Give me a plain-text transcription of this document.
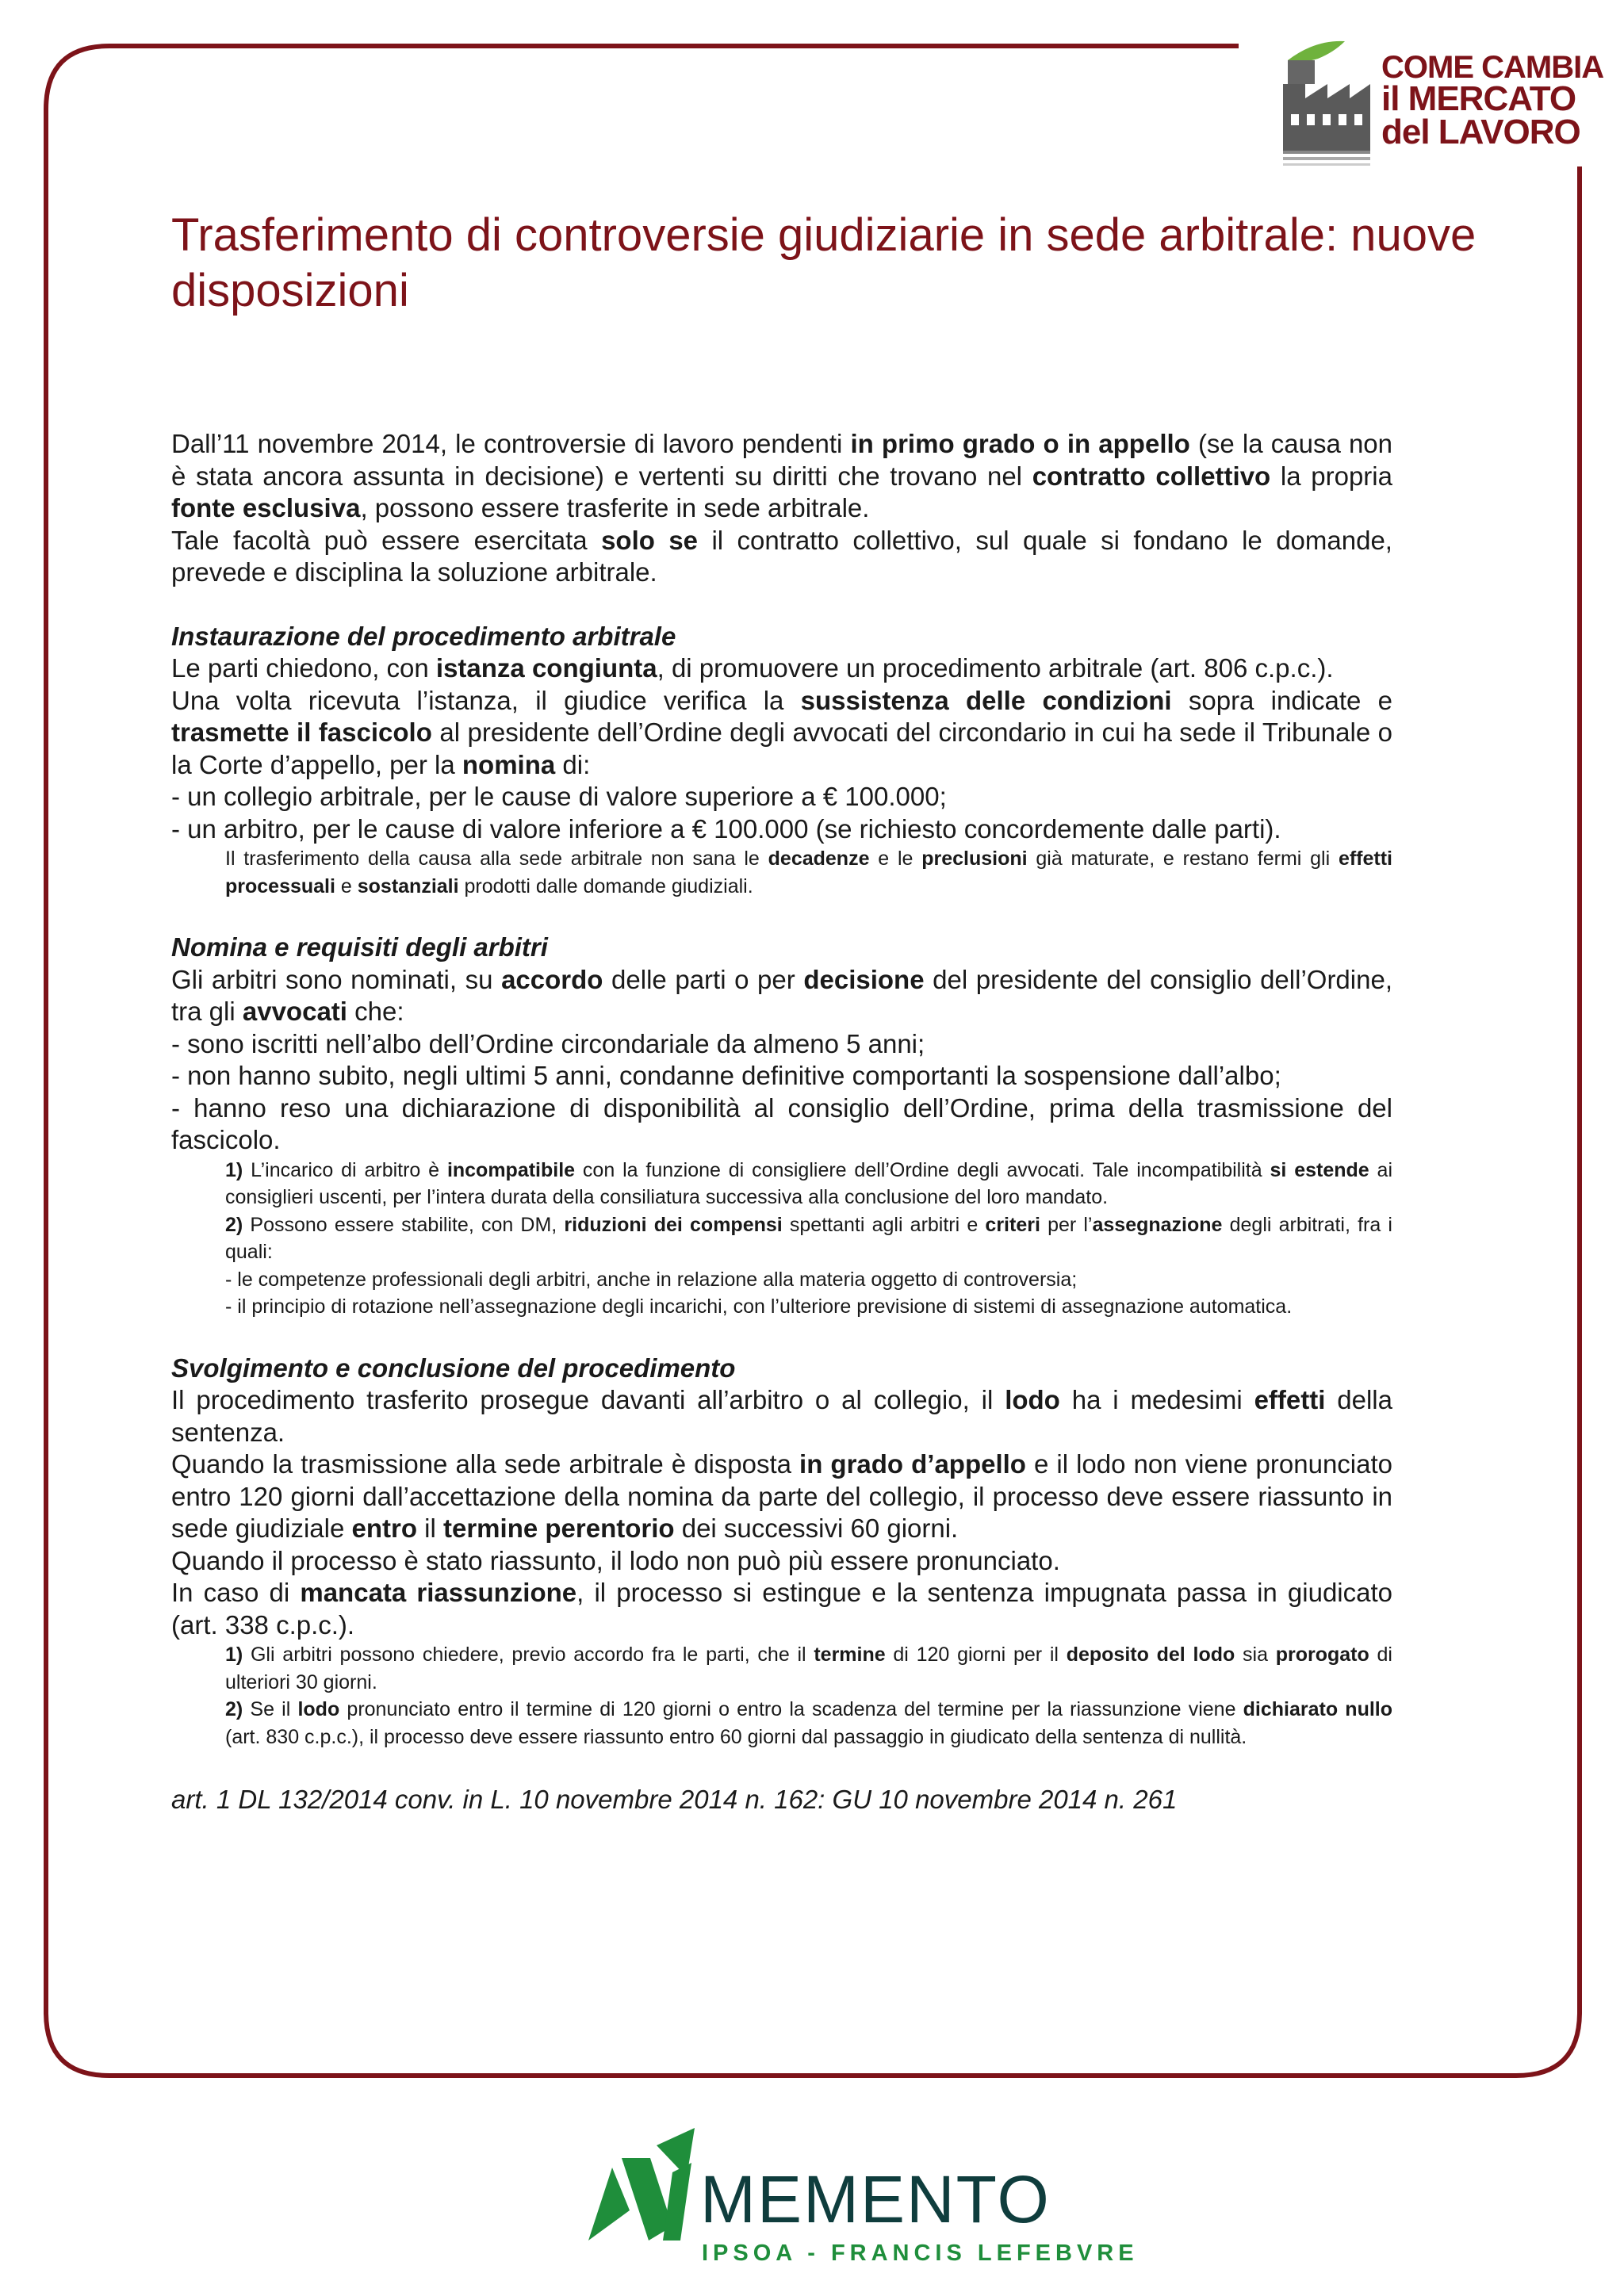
COME CAMBIA
il MERCATO
del LAVORO
Trasferimento di controversie giudiziarie in sede arbitrale: nuove disposizioni

Dall’11 novembre 2014, le controversie di lavoro pendenti in primo grado o in appello (se la causa non è stata ancora assunta in decisione) e vertenti su diritti che trovano nel contratto collettivo la propria fonte esclusiva, possono essere trasferite in sede arbitrale.

Tale facoltà può essere esercitata solo se il contratto collettivo, sul quale si fondano le domande, prevede e disciplina la soluzione arbitrale.

Instaurazione del procedimento arbitrale

Le parti chiedono, con istanza congiunta, di promuovere un procedimento arbitrale (art. 806 c.p.c.).

Una volta ricevuta l’istanza, il giudice verifica la sussistenza delle condizioni sopra indicate e trasmette il fascicolo al presidente dell’Ordine degli avvocati del circondario in cui ha sede il Tribunale o la Corte d’appello, per la nomina di:

- un collegio arbitrale, per le cause di valore superiore a € 100.000;

- un arbitro, per le cause di valore inferiore a € 100.000 (se richiesto concordemente dalle parti).

Il trasferimento della causa alla sede arbitrale non sana le decadenze e le preclusioni già maturate, e restano fermi gli effetti processuali e sostanziali prodotti dalle domande giudiziali.

Nomina e requisiti degli arbitri

Gli arbitri sono nominati, su accordo delle parti o per decisione del presidente del consiglio dell’Ordine, tra gli avvocati che:

- sono iscritti nell’albo dell’Ordine circondariale da almeno 5 anni;

- non hanno subito, negli ultimi 5 anni, condanne definitive comportanti la sospensione dall’albo;

- hanno reso una dichiarazione di disponibilità al consiglio dell’Ordine, prima della trasmissione del fascicolo.

1) L’incarico di arbitro è incompatibile con la funzione di consigliere dell’Ordine degli avvocati. Tale incompatibilità si estende ai consiglieri uscenti, per l’intera durata della consiliatura successiva alla conclusione del loro mandato.

2) Possono essere stabilite, con DM, riduzioni dei compensi spettanti agli arbitri e criteri per l’assegnazione degli arbitrati, fra i quali:

- le competenze professionali degli arbitri, anche in relazione alla materia oggetto di controversia;

- il principio di rotazione nell’assegnazione degli incarichi, con l’ulteriore previsione di sistemi di assegnazione automatica.

Svolgimento e conclusione del procedimento

Il procedimento trasferito prosegue davanti all’arbitro o al collegio, il lodo ha i medesimi effetti della sentenza.

Quando la trasmissione alla sede arbitrale è disposta in grado d’appello e il lodo non viene pronunciato entro 120 giorni dall’accettazione della nomina da parte del collegio, il processo deve essere riassunto in sede giudiziale entro il termine perentorio dei successivi 60 giorni.

Quando il processo è stato riassunto, il lodo non può più essere pronunciato.

In caso di mancata riassunzione, il processo si estingue e la sentenza impugnata passa in giudicato (art. 338 c.p.c.).

1) Gli arbitri possono chiedere, previo accordo fra le parti, che il termine di 120 giorni per il deposito del lodo sia prorogato di ulteriori 30 giorni.

2) Se il lodo pronunciato entro il termine di 120 giorni o entro la scadenza del termine per la riassunzione viene dichiarato nullo (art. 830 c.p.c.), il processo deve essere riassunto entro 60 giorni dal passaggio in giudicato della sentenza di nullità.

art. 1 DL 132/2014 conv. in L. 10 novembre 2014 n. 162: GU 10 novembre 2014 n. 261

MEMENTO
IPSOA - FRANCIS LEFEBVRE
